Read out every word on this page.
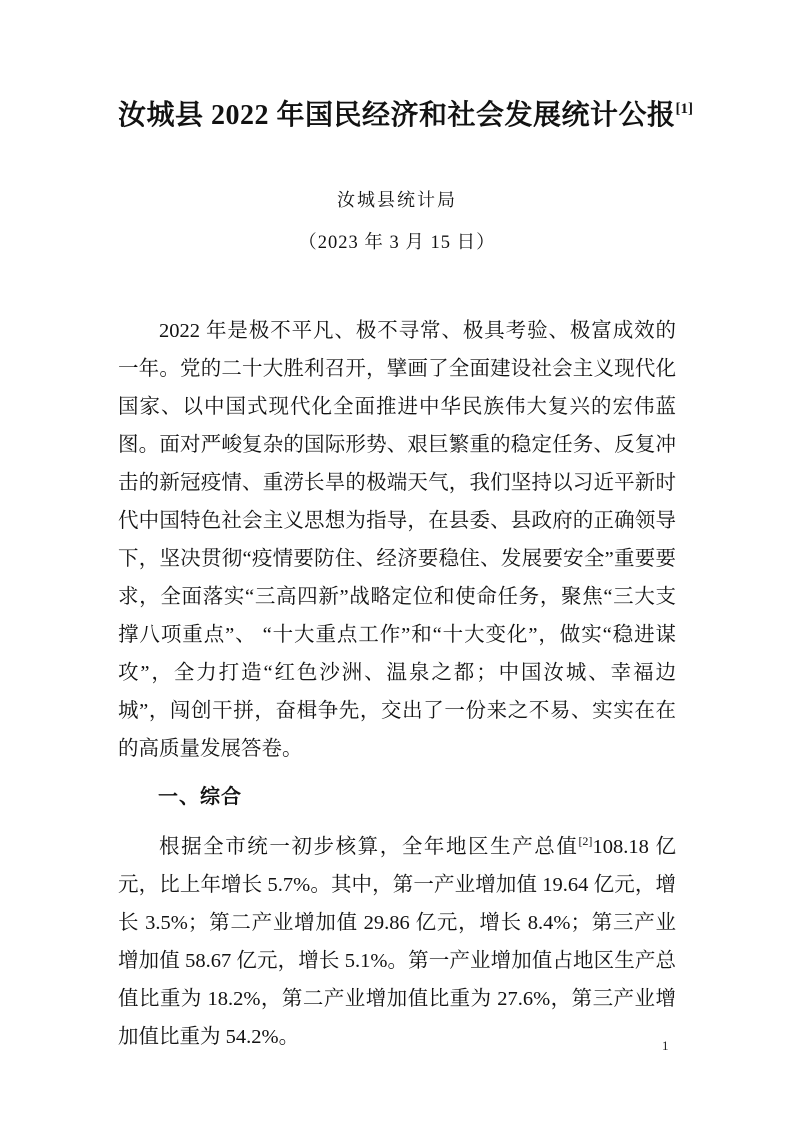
汝城县 2022 年国民经济和社会发展统计公报[1]

汝城县统计局

（2023 年 3 月 15 日）

2022 年是极不平凡、极不寻常、极具考验、极富成效的一年。党的二十大胜利召开，擘画了全面建设社会主义现代化国家、以中国式现代化全面推进中华民族伟大复兴的宏伟蓝图。面对严峻复杂的国际形势、艰巨繁重的稳定任务、反复冲击的新冠疫情、重涝长旱的极端天气，我们坚持以习近平新时代中国特色社会主义思想为指导，在县委、县政府的正确领导下，坚决贯彻“疫情要防住、经济要稳住、发展要安全”重要要求，全面落实“三高四新”战略定位和使命任务，聚焦“三大支撑八项重点”、 “十大重点工作”和“十大变化”，做实“稳进谋攻”，全力打造“红色沙洲、温泉之都；中国汝城、幸福边城”，闯创干拼，奋楫争先，交出了一份来之不易、实实在在的高质量发展答卷。

一、综合

根据全市统一初步核算，全年地区生产总值[2]108.18 亿元，比上年增长 5.7%。其中，第一产业增加值 19.64 亿元，增长 3.5%；第二产业增加值 29.86 亿元，增长 8.4%；第三产业增加值 58.67 亿元，增长 5.1%。第一产业增加值占地区生产总值比重为 18.2%，第二产业增加值比重为 27.6%，第三产业增加值比重为 54.2%。	1
